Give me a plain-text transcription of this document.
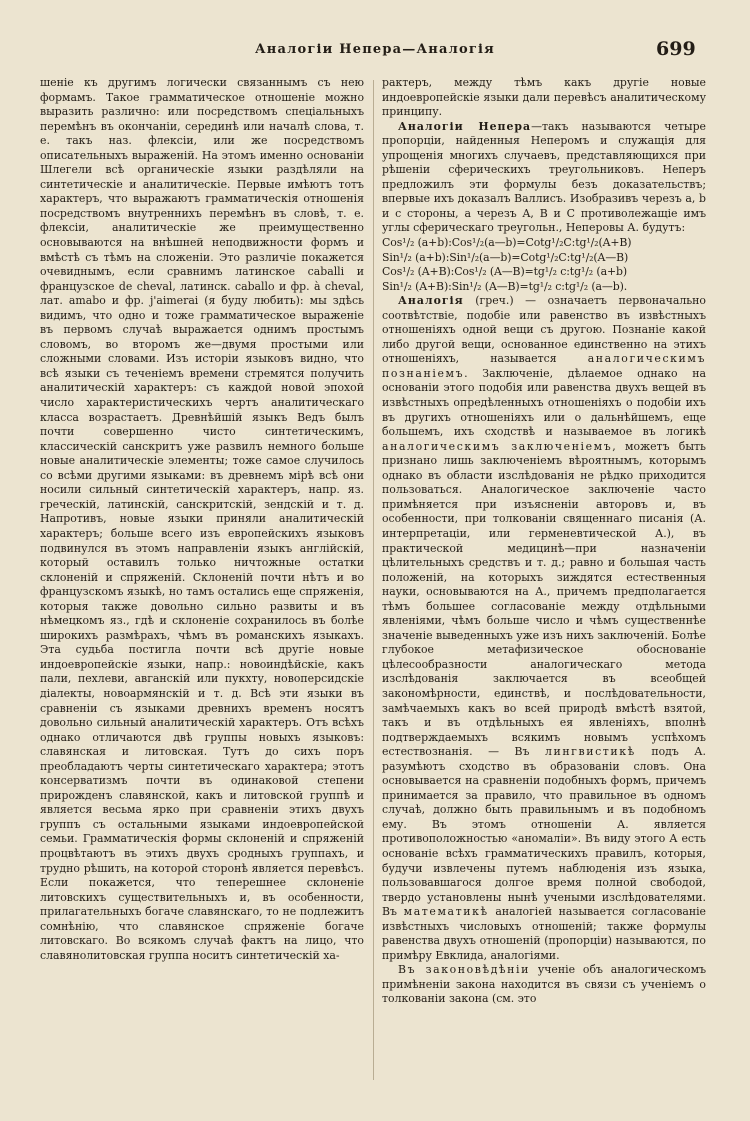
Аналогіи Непера—Аналогія	699

шеніе къ другимъ логически связаннымъ съ нею формамъ. Такое грамматическое отношеніе можно выразить различно: или посредствомъ спеціальныхъ перемѣнъ въ окончаніи, серединѣ или началѣ слова, т. е. такъ наз. флексіи, или же посредствомъ описательныхъ выраженій. На этомъ именно основаніи Шлегели всѣ органическіе языки раздѣляли на синтетическіе и аналитическіе. Первые имѣютъ тотъ характеръ, что выражаютъ грамматическія отношенія посредствомъ внутреннихъ перемѣнъ въ словѣ, т. е. флексіи, аналитическіе же преимущественно основываются на внѣшней неподвижности формъ и вмѣстѣ съ тѣмъ на сложеніи. Это различіе покажется очевиднымъ, если сравнимъ латинское caballi и французское de cheval, латинск. caballo и фр. à cheval, лат. amabo и фр. j'aimerai (я буду любить): мы здѣсь видимъ, что одно и тоже грамматическое выраженіе въ первомъ случаѣ выражается однимъ простымъ словомъ, во второмъ же—двумя простыми или сложными словами. Изъ исторіи языковъ видно, что всѣ языки съ теченіемъ времени стремятся получить аналитическій характеръ: съ каждой новой эпохой число характеристическихъ чертъ аналитическаго класса возрастаетъ. Древнѣйшій языкъ Ведъ былъ почти совершенно чисто синтетическимъ, классическій санскритъ уже развилъ немного больше новые аналитическіе элементы; тоже самое случилось со всѣми другими языками: въ древнемъ мірѣ всѣ они носили сильный синтетическій характеръ, напр. яз. греческій, латинскій, санскритскій, зендскій и т. д. Напротивъ, новые языки приняли аналитическій характеръ; больше всего изъ европейскихъ языковъ подвинулся въ этомъ направленіи языкъ англійскій, который оставилъ только ничтожные остатки склоненій и спряженій. Склоненій почти нѣтъ и во французскомъ языкѣ, но тамъ остались еще спряженія, которыя также довольно сильно развиты и въ нѣмецкомъ яз., гдѣ и склоненіе сохранилось въ болѣе широкихъ размѣрахъ, чѣмъ въ романскихъ языкахъ. Эта судьба постигла почти всѣ другіе новые индоевропейскіе языки, напр.: новоиндѣйскіе, какъ пали, пехлеви, авганскій или пукхту, новоперсидскіе діалекты, новоармянскій и т. д. Всѣ эти языки въ сравненіи съ языками древнихъ временъ носятъ довольно сильный аналитическій характеръ. Отъ всѣхъ однако отличаются двѣ группы новыхъ языковъ: славянская и литовская. Тутъ до сихъ поръ преобладаютъ черты синтетическаго характера; этотъ консерватизмъ почти въ одинаковой степени прирожденъ славянской, какъ и литовской группѣ и является весьма ярко при сравненіи этихъ двухъ группъ съ остальными языками индоевропейской семьи. Грамматическія формы склоненій и спряженій процвѣтаютъ въ этихъ двухъ сродныхъ группахъ, и трудно рѣшить, на которой сторонѣ является перевѣсъ. Если покажется, что теперешнее склоненіе литовскихъ существительныхъ и, въ особенности, прилагательныхъ богаче славянскаго, то не подлежитъ сомнѣнію, что славянское спряженіе богаче литовскаго. Во всякомъ случаѣ фактъ на лицо, что славянолитовская группа носитъ синтетическій ха-

рактеръ, между тѣмъ какъ другіе новые индоевропейскіе языки дали перевѣсъ аналитическому принципу.

Аналогіи Непера—такъ называются четыре пропорціи, найденныя Неперомъ и служащія для упрощенія многихъ случаевъ, представляющихся при рѣшеніи сферическихъ треугольниковъ. Неперъ предложилъ эти формулы безъ доказательствъ; впервые ихъ доказалъ Валлисъ. Изобразивъ черезъ a, b и c стороны, а черезъ A, B и C противолежащіе имъ углы сферическаго треугольн., Неперовы А. будутъ:

Cos¹/₂ (a+b):Cos¹/₂(a—b)=Cotg¹/₂C:tg¹/₂(A+B)
Sin¹/₂ (a+b):Sin¹/₂(a—b)=Cotg¹/₂C:tg¹/₂(A—B)
Cos¹/₂ (A+B):Cos¹/₂ (A—B)=tg¹/₂ c:tg¹/₂ (a+b)
Sin¹/₂ (A+B):Sin¹/₂ (A—B)=tg¹/₂ c:tg¹/₂ (a—b).

Аналогія (греч.) — означаетъ первоначально соотвѣтствіе, подобіе или равенство въ извѣстныхъ отношеніяхъ одной вещи съ другою. Познаніе какой либо другой вещи, основанное единственно на этихъ отношеніяхъ, называется	аналогическимъ познаніемъ. Заключеніе, дѣлаемое однако на основаніи этого подобія или равенства двухъ вещей въ извѣстныхъ опредѣленныхъ отношеніяхъ о подобіи ихъ въ другихъ отношеніяхъ или о дальнѣйшемъ, еще большемъ, ихъ сходствѣ и называемое въ логикѣ аналогическимъ заключеніемъ, можетъ быть признано лишь заключеніемъ вѣроятнымъ, которымъ однако въ области изслѣдованія не рѣдко приходится пользоваться. Аналогическое заключеніе часто примѣняется при изъясненіи авторовъ и, въ особенности, при толкованіи священнаго писанія (А. интерпретаціи, или герменевтической А.), въ практической медицинѣ—при назначеніи цѣлительныхъ средствъ и т. д.; равно и большая часть положеній, на которыхъ зиждятся естественныя науки, основываются на А., причемъ предполагается тѣмъ большее согласованіе между отдѣльными явленіями, чѣмъ больше число и чѣмъ существеннѣе значеніе выведенныхъ уже изъ нихъ заключеній. Болѣе глубокое метафизическое обоснованіе цѣлесообразности аналогическаго метода изслѣдованія заключается въ всеобщей закономѣрности, единствѣ, и послѣдовательности, замѣчаемыхъ какъ во всей природѣ вмѣстѣ взятой, такъ и въ отдѣльныхъ ея явленіяхъ, вполнѣ подтверждаемыхъ всякимъ новымъ успѣхомъ естествознанія. — Въ лингвистикѣ подъ А. разумѣютъ сходство въ образованіи словъ. Она основывается на сравненіи подобныхъ формъ, причемъ принимается за правило, что правильное въ одномъ случаѣ, должно быть правильнымъ и въ подобномъ ему. Въ этомъ отношеніи А. является противоположностью «аномаліи». Въ виду этого А есть основаніе всѣхъ грамматическихъ правилъ, которыя, будучи извлечены путемъ наблюденія изъ языка, пользовавшагося долгое время полной свободой, твердо установлены нынѣ учеными изслѣдователями. Въ математикѣ аналогіей называется согласованіе извѣстныхъ числовыхъ отношеній; также формулы равенства двухъ отношеній (пропорціи) называются, по примѣру Евклида, аналогіями.

Въ законовѣдѣніи ученіе объ аналогическомъ примѣненіи закона находится въ связи съ ученіемъ о толкованіи закона (см. это
